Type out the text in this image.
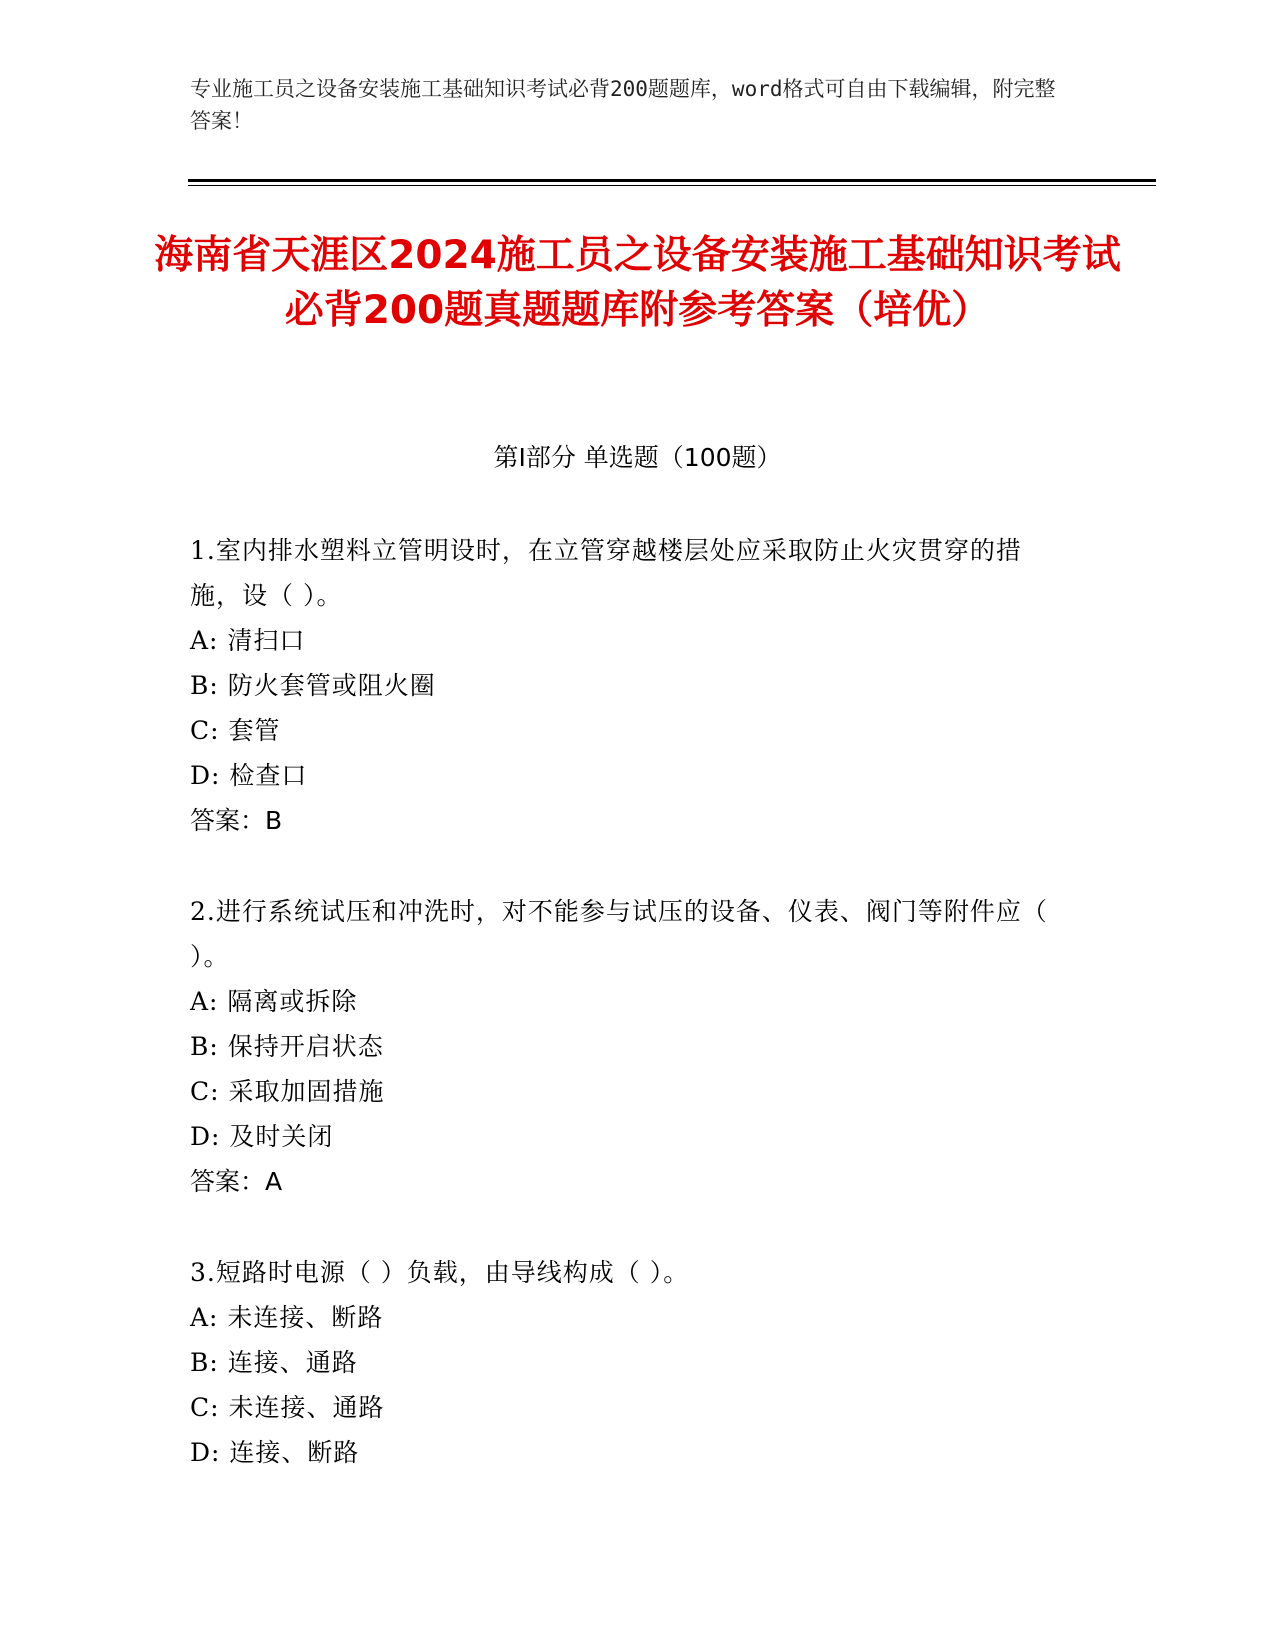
专业施工员之设备安装施工基础知识考试必背200题题库，word格式可自由下载编辑，附完整答案！
海南省天涯区2024施工员之设备安装施工基础知识考试必背200题真题题库附参考答案（培优）
第Ⅰ部分 单选题（100题）
1.室内排水塑料立管明设时，在立管穿越楼层处应采取防止火灾贯穿的措施，设（ ）。
A: 清扫口
B: 防火套管或阻火圈
C: 套管
D: 检查口
答案：B
2.进行系统试压和冲洗时，对不能参与试压的设备、仪表、阀门等附件应（ ）。
A: 隔离或拆除
B: 保持开启状态
C: 采取加固措施
D: 及时关闭
答案：A
3.短路时电源（ ）负载，由导线构成（ ）。
A: 未连接、断路
B: 连接、通路
C: 未连接、通路
D: 连接、断路
